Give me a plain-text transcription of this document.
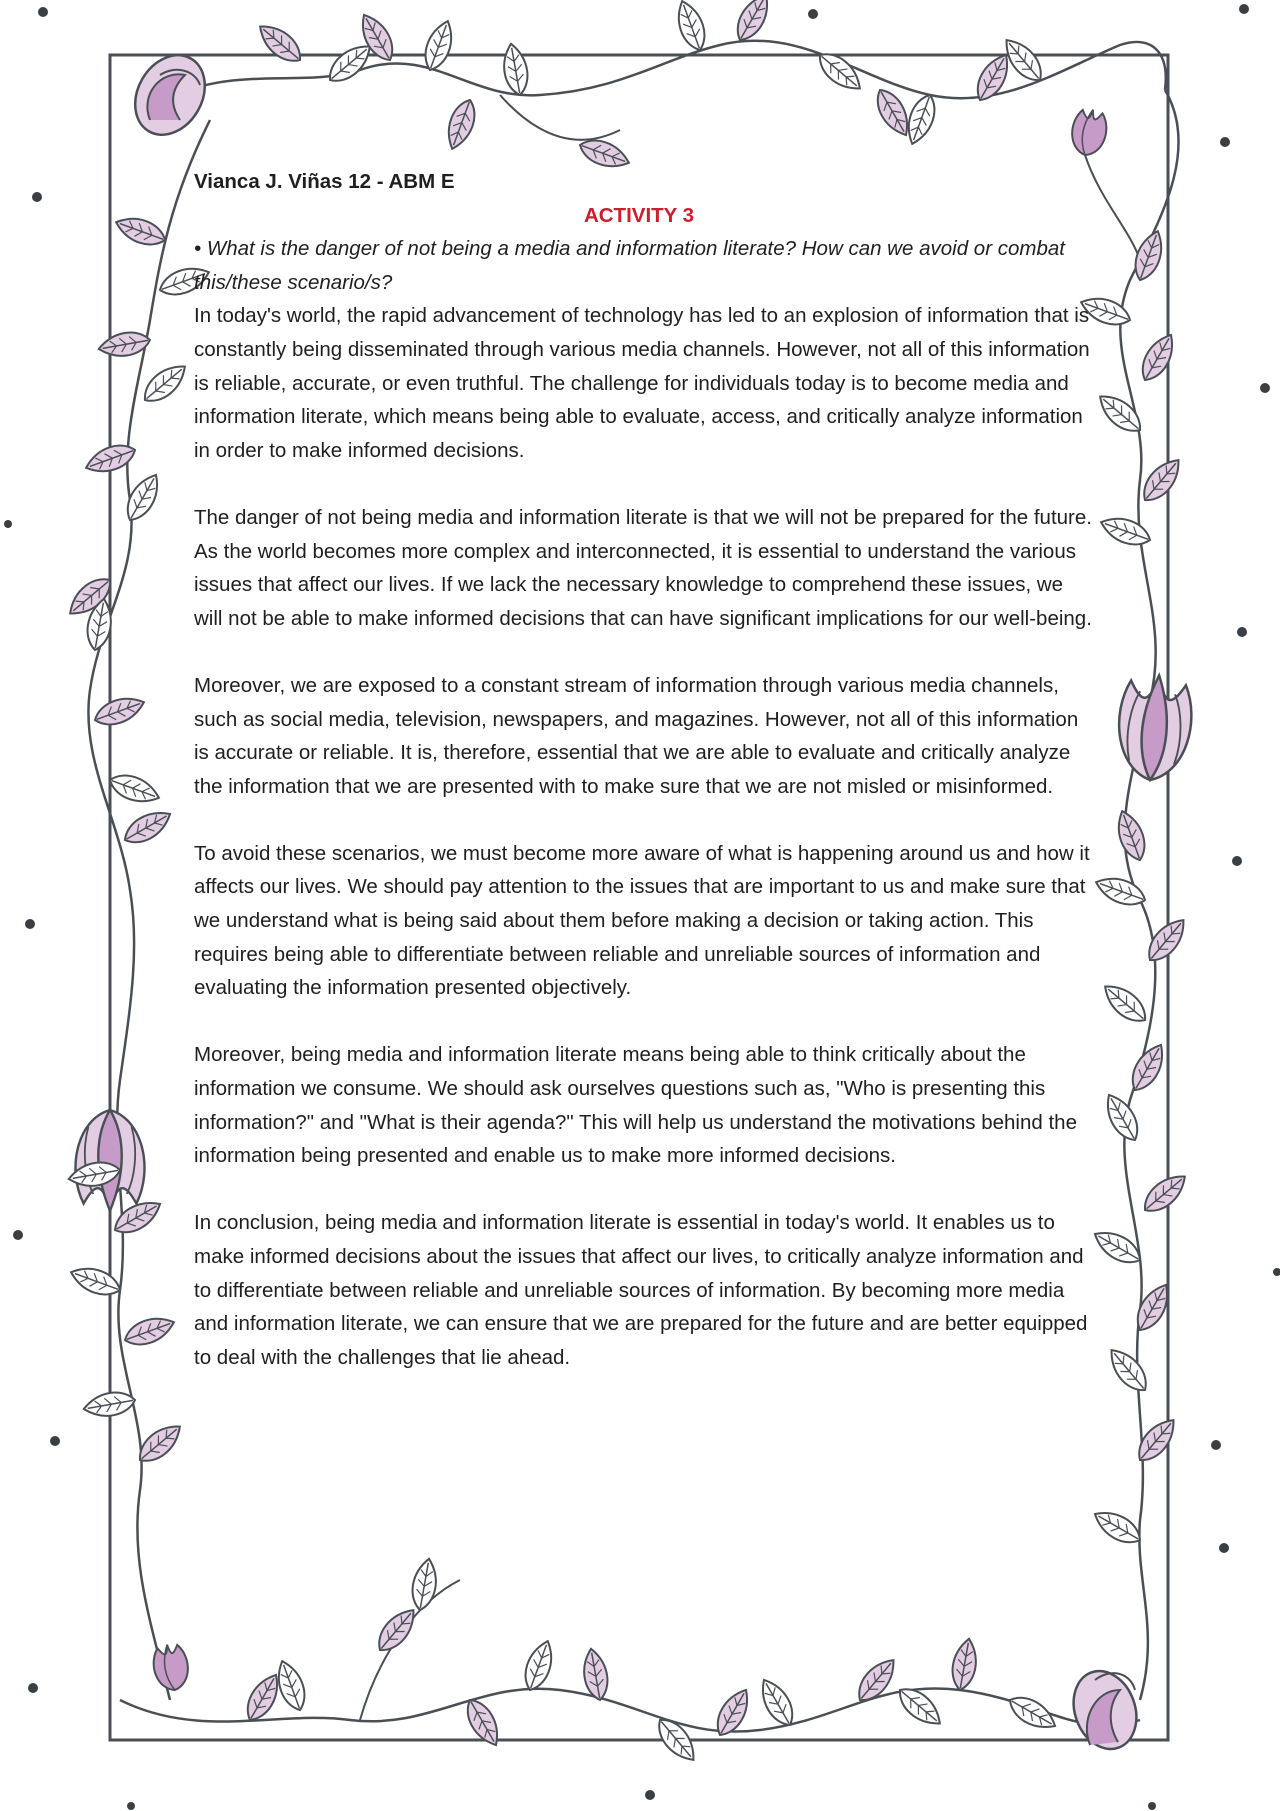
Vianca J. Viñas 12 - ABM E

ACTIVITY 3

• What is the danger of not being a media and information literate? How can we avoid or combat this/these scenario/s?

In today's world, the rapid advancement of technology has led to an explosion of information that is constantly being disseminated through various media channels. However, not all of this information is reliable, accurate, or even truthful. The challenge for individuals today is to become media and information literate, which means being able to evaluate, access, and critically analyze information in order to make informed decisions.

The danger of not being media and information literate is that we will not be prepared for the future. As the world becomes more complex and interconnected, it is essential to understand the various issues that affect our lives. If we lack the necessary knowledge to comprehend these issues, we will not be able to make informed decisions that can have significant implications for our well-being.

Moreover, we are exposed to a constant stream of information through various media channels, such as social media, television, newspapers, and magazines. However, not all of this information is accurate or reliable. It is, therefore, essential that we are able to evaluate and critically analyze the information that we are presented with to make sure that we are not misled or misinformed.

To avoid these scenarios, we must become more aware of what is happening around us and how it affects our lives. We should pay attention to the issues that are important to us and make sure that we understand what is being said about them before making a decision or taking action. This requires being able to differentiate between reliable and unreliable sources of information and evaluating the information presented objectively.

Moreover, being media and information literate means being able to think critically about the information we consume. We should ask ourselves questions such as, "Who is presenting this information?" and "What is their agenda?" This will help us understand the motivations behind the information being presented and enable us to make more informed decisions.

In conclusion, being media and information literate is essential in today's world. It enables us to make informed decisions about the issues that affect our lives, to critically analyze information and to differentiate between reliable and unreliable sources of information. By becoming more media and information literate, we can ensure that we are prepared for the future and are better equipped to deal with the challenges that lie ahead.
